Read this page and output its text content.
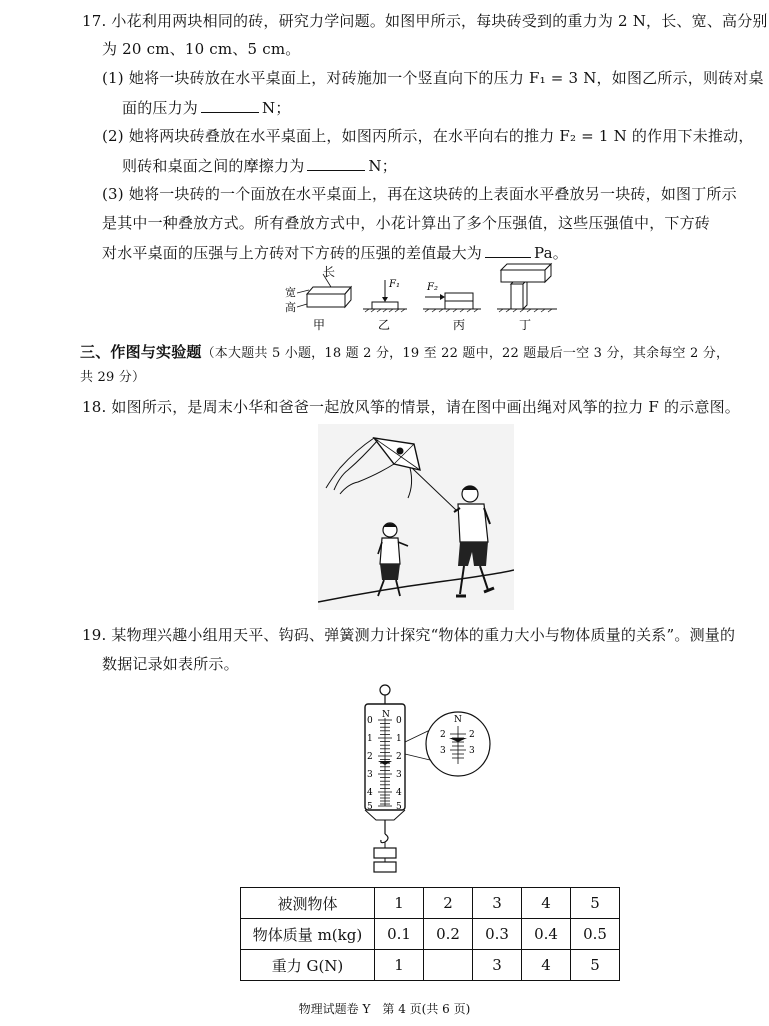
17. 小花利用两块相同的砖，研究力学问题。如图甲所示，每块砖受到的重力为 2 N，长、宽、高分别
为 20 cm、10 cm、5 cm。
(1) 她将一块砖放在水平桌面上，对砖施加一个竖直向下的压力 F₁ = 3 N，如图乙所示，则砖对桌
面的压力为	N；
(2) 她将两块砖叠放在水平桌面上，如图丙所示，在水平向右的推力 F₂ = 1 N 的作用下未推动，
则砖和桌面之间的摩擦力为	N；
(3) 她将一块砖的一个面放在水平桌面上，再在这块砖的上表面水平叠放另一块砖，如图丁所示
是其中一种叠放方式。所有叠放方式中，小花计算出了多个压强值，这些压强值中，下方砖
对水平桌面的压强与上方砖对下方砖的压强的差值最大为	Pa。
长
宽
高
甲
F₁
乙
F₂
丙	丁
三、作图与实验题（本大题共 5 小题，18 题 2 分，19 至 22 题中，22 题最后一空 3 分，其余每空 2 分，
共 29 分）
18. 如图所示，是周末小华和爸爸一起放风筝的情景，请在图中画出绳对风筝的拉力 F 的示意图。
19. 某物理兴趣小组用天平、钩码、弹簧测力计探究“物体的重力大小与物体质量的关系”。测量的
数据记录如表所示。
N
0
1
2
3
4
5
0
1
2
3
4
5
N
2
3
2
3
被测物体	1	2	3	4	5
物体质量 m(kg)	0.1	0.2	0.3	0.4	0.5
重力 G(N)	1		3	4	5
物理试题卷 Y　第 4 页(共 6 页)
